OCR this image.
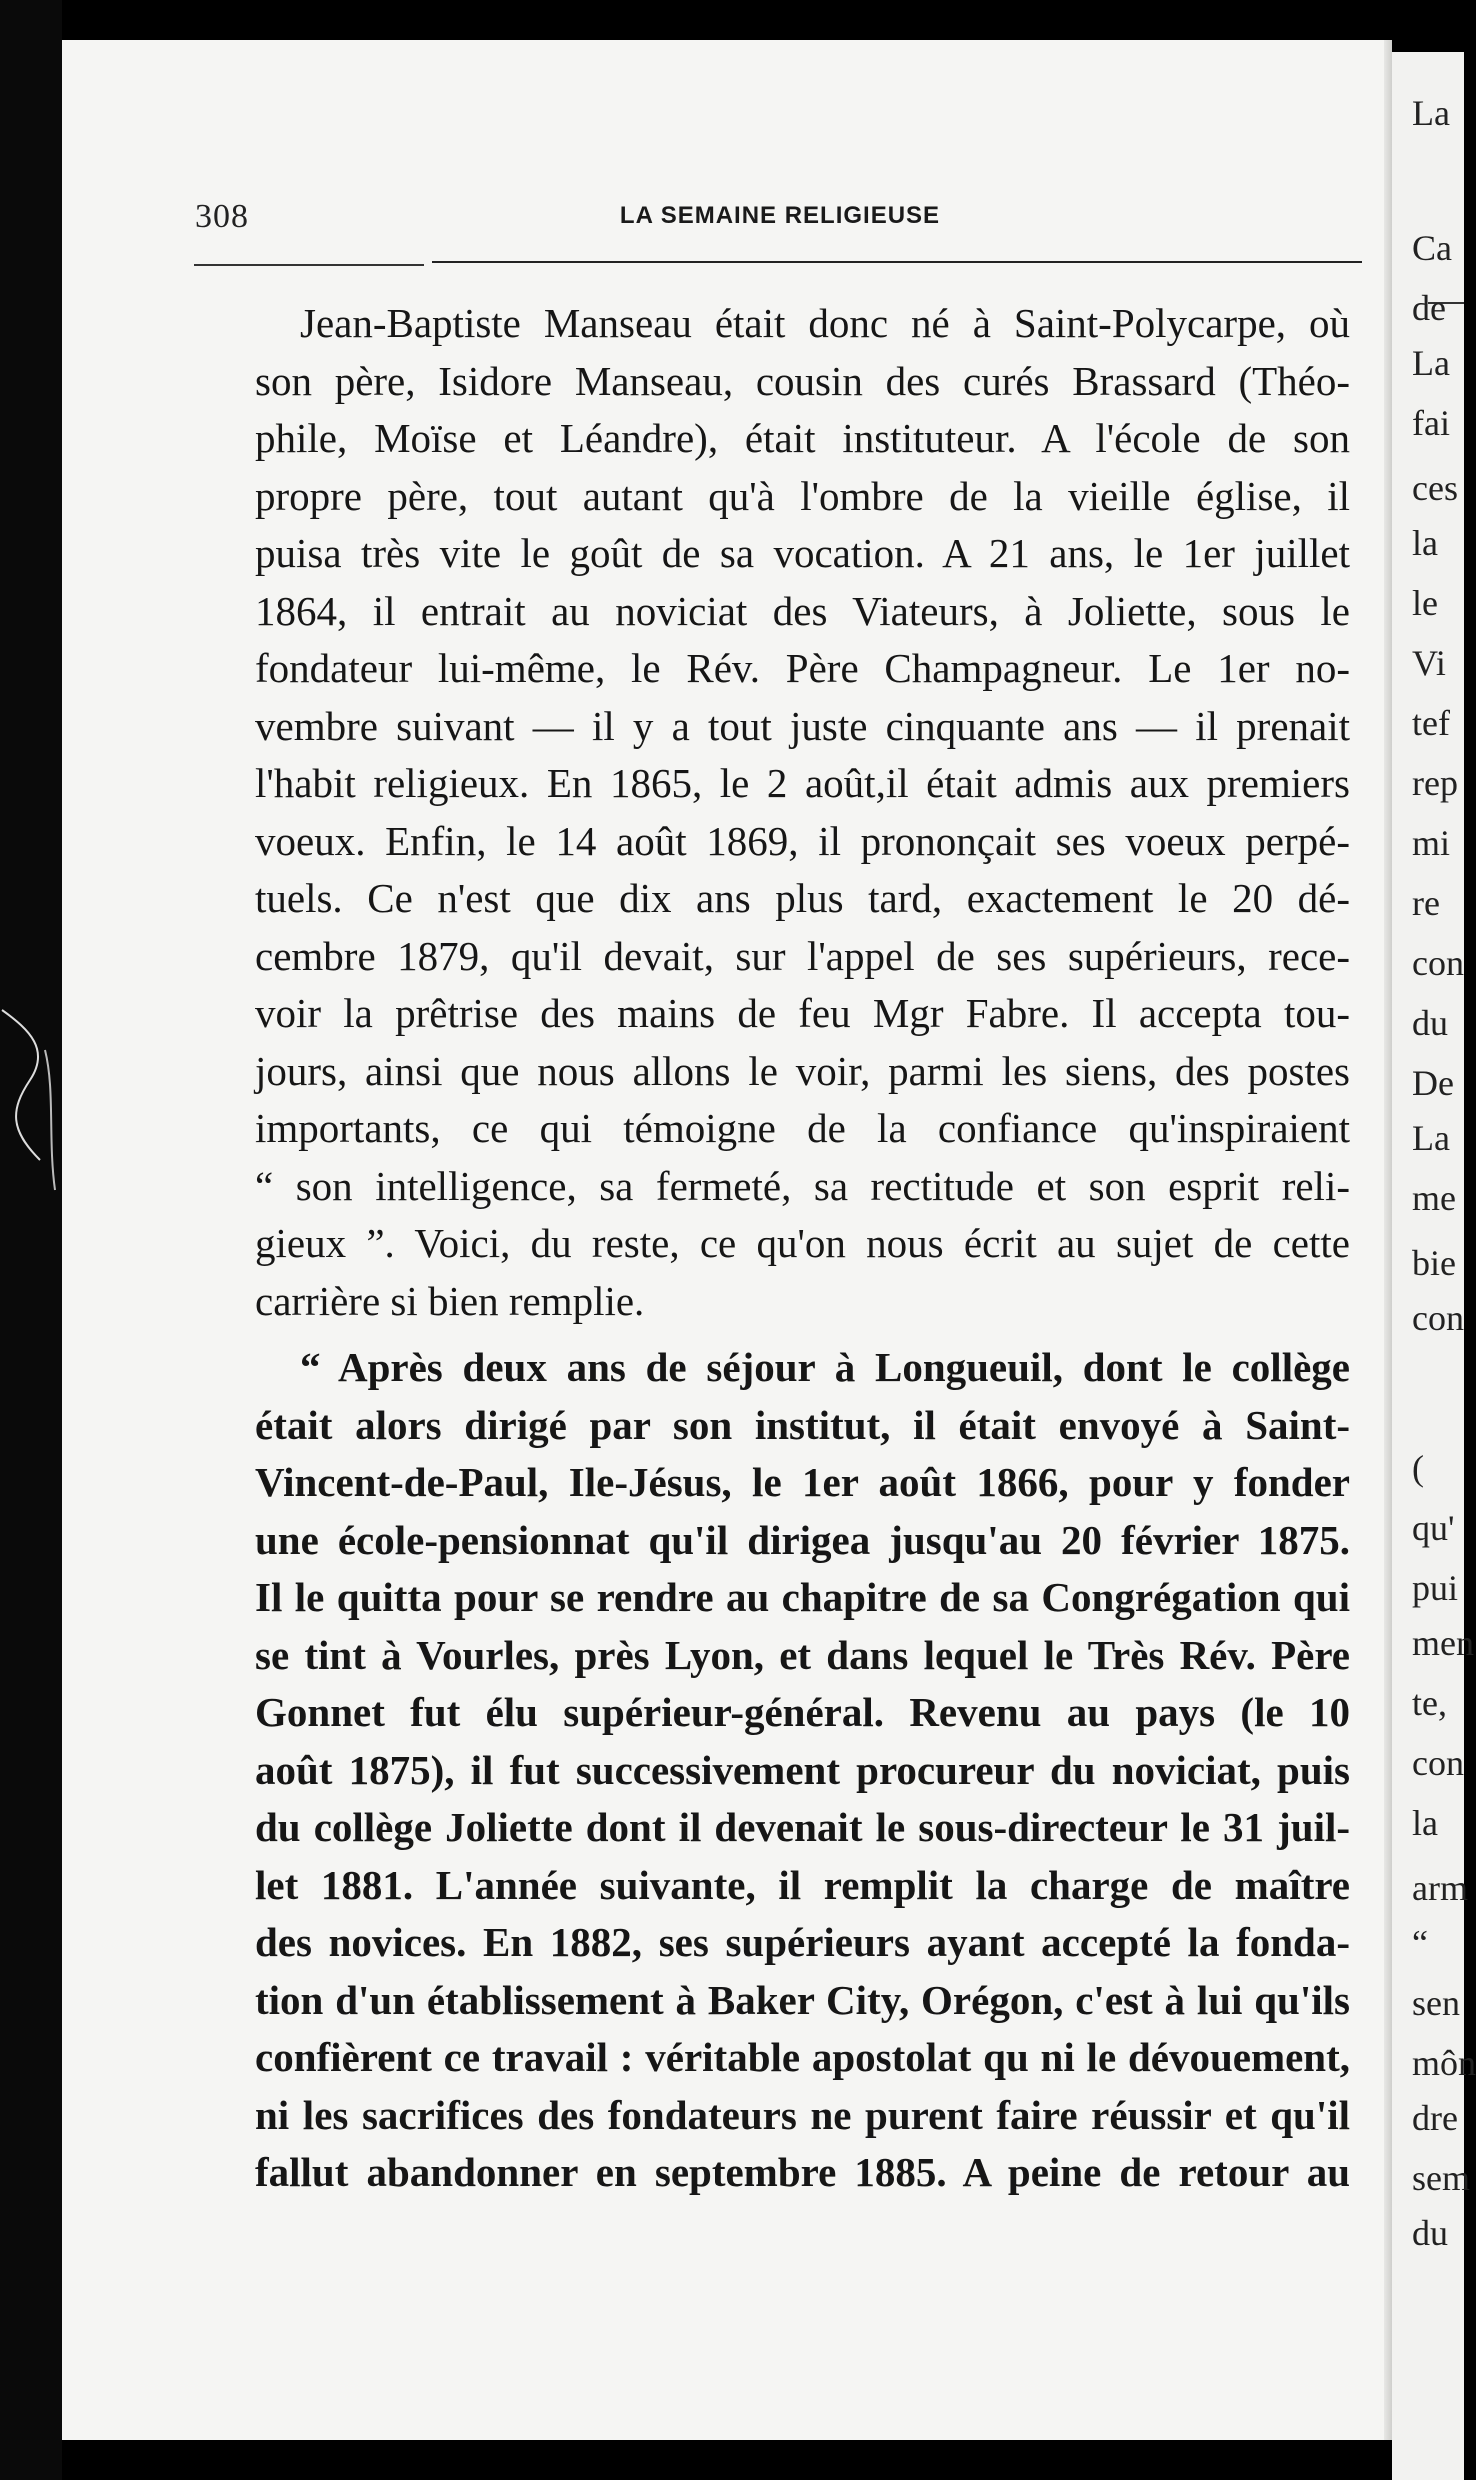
308	LA SEMAINE RELIGIEUSE
Jean-Baptiste Manseau était donc né à Saint-Polycarpe, où
son père, Isidore Manseau, cousin des curés Brassard (Théo-
phile, Moïse et Léandre), était instituteur. A l'école de son
propre père, tout autant qu'à l'ombre de la vieille église, il
puisa très vite le goût de sa vocation. A 21 ans, le 1er juillet
1864, il entrait au noviciat des Viateurs, à Joliette, sous le
fondateur lui-même, le Rév. Père Champagneur. Le 1er no-
vembre suivant — il y a tout juste cinquante ans — il prenait
l'habit religieux. En 1865, le 2 août,il était admis aux premiers
voeux. Enfin, le 14 août 1869, il prononçait ses voeux perpé-
tuels. Ce n'est que dix ans plus tard, exactement le 20 dé-
cembre 1879, qu'il devait, sur l'appel de ses supérieurs, rece-
voir la prêtrise des mains de feu Mgr Fabre. Il accepta tou-
jours, ainsi que nous allons le voir, parmi les siens, des postes
importants, ce qui témoigne de la confiance qu'inspiraient
“ son intelligence, sa fermeté, sa rectitude et son esprit reli-
gieux ”. Voici, du reste, ce qu'on nous écrit au sujet de cette
carrière si bien remplie.
“ Après deux ans de séjour à Longueuil, dont le collège
était alors dirigé par son institut, il était envoyé à Saint-
Vincent-de-Paul, Ile-Jésus, le 1er août 1866, pour y fonder
une école-pensionnat qu'il dirigea jusqu'au 20 février 1875.
Il le quitta pour se rendre au chapitre de sa Congrégation qui
se tint à Vourles, près Lyon, et dans lequel le Très Rév. Père
Gonnet fut élu supérieur-général. Revenu au pays (le 10
août 1875), il fut successivement procureur du noviciat, puis
du collège Joliette dont il devenait le sous-directeur le 31 juil-
let 1881. L'année suivante, il remplit la charge de maître
des novices. En 1882, ses supérieurs ayant accepté la fonda-
tion d'un établissement à Baker City, Orégon, c'est à lui qu'ils
confièrent ce travail : véritable apostolat qu ni le dévouement,
ni les sacrifices des fondateurs ne purent faire réussir et qu'il
fallut abandonner en septembre 1885. A peine de retour au
La
Ca
de
La
fai
ces
la
le
Vi
tef
rep
mi
re
con
du
De
La
me
bie
con
(
qu'
pui
men
te,
con
la
arm
“
sen
môn
dre
sem
du
